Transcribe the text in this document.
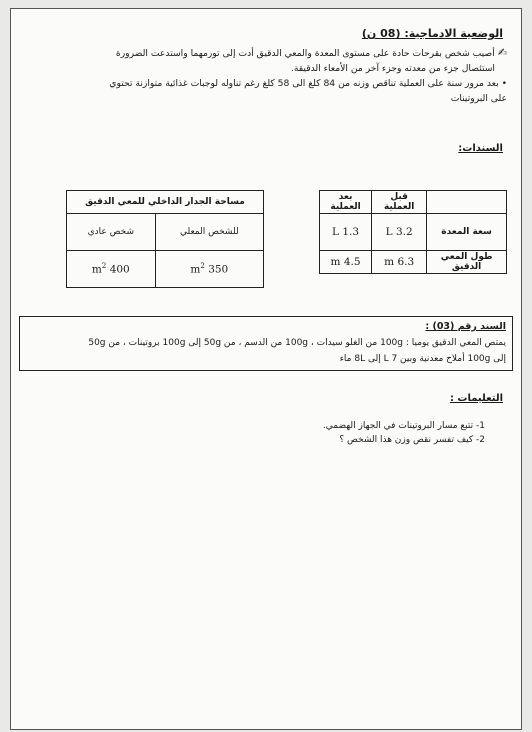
الوضعية الادماجية: (08 ن)
✍أصيب شخص بقرحات حادة على مستوى المعدة والمعي الدقيق أدت إلى تورمهما واستدعت الضرورة
استئصال جزء من معدته وجزء آخر من الأمعاء الدقيقة.
• بعد مرور سنة على العملية تناقص وزنه من 84 كلغ الى 58 كلغ رغم تناوله لوجبات غذائية متوازنة تحتوي
على البروتينات
السندات:
	قبل العملية	بعد العملية
سعة المعدة	3.2 L	1.3 L
طول المعي الدقيق	6.3 m	4.5 m
مساحة الجدار الداخلي للمعي الدقيق	
للشخص المعلي	شخص عادي
350 $m^2$	400 $m^2$
السند رقم (03) :
يمتص المعي الدقيق يوميا : 100g من الغلو سيدات ، 100g من الدسم ، من 50g إلى 100g بروتينات ، من 50g
إلى 100g أملاح معدنية وبين 7 L إلى 8L ماء
التعليمات :
1- تتبع مسار البروتينات في الجهاز الهضمي.
2- كيف تفسر نقص وزن هذا الشخص ؟
